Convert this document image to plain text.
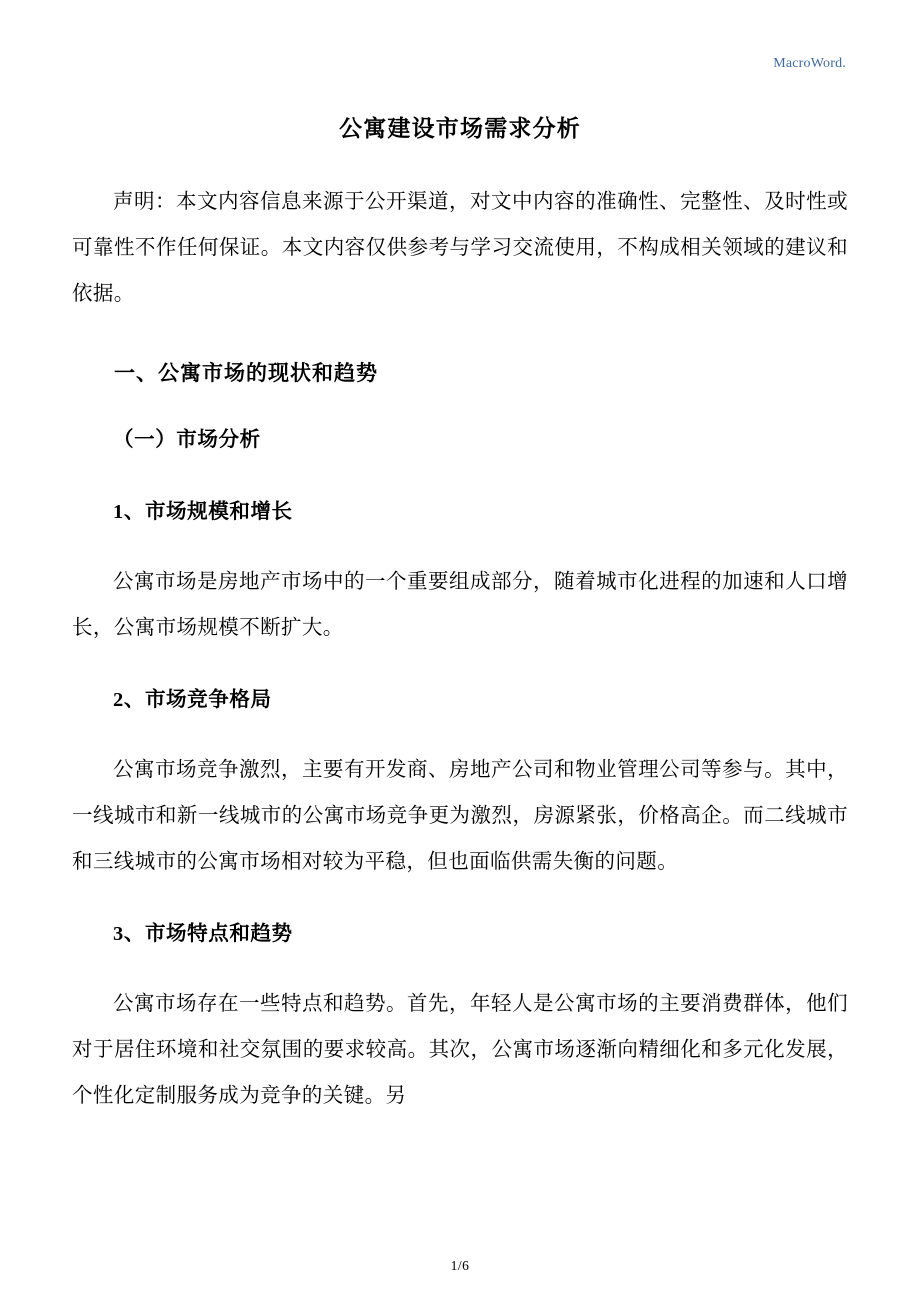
MacroWord.
公寓建设市场需求分析

声明：本文内容信息来源于公开渠道，对文中内容的准确性、完整性、及时性或可靠性不作任何保证。本文内容仅供参考与学习交流使用，不构成相关领域的建议和依据。

一、公寓市场的现状和趋势
（一）市场分析
1、市场规模和增长

公寓市场是房地产市场中的一个重要组成部分，随着城市化进程的加速和人口增长，公寓市场规模不断扩大。

2、市场竞争格局

公寓市场竞争激烈，主要有开发商、房地产公司和物业管理公司等参与。其中，一线城市和新一线城市的公寓市场竞争更为激烈，房源紧张，价格高企。而二线城市和三线城市的公寓市场相对较为平稳，但也面临供需失衡的问题。

3、市场特点和趋势

公寓市场存在一些特点和趋势。首先，年轻人是公寓市场的主要消费群体，他们对于居住环境和社交氛围的要求较高。其次，公寓市场逐渐向精细化和多元化发展，个性化定制服务成为竞争的关键。另

1/6
